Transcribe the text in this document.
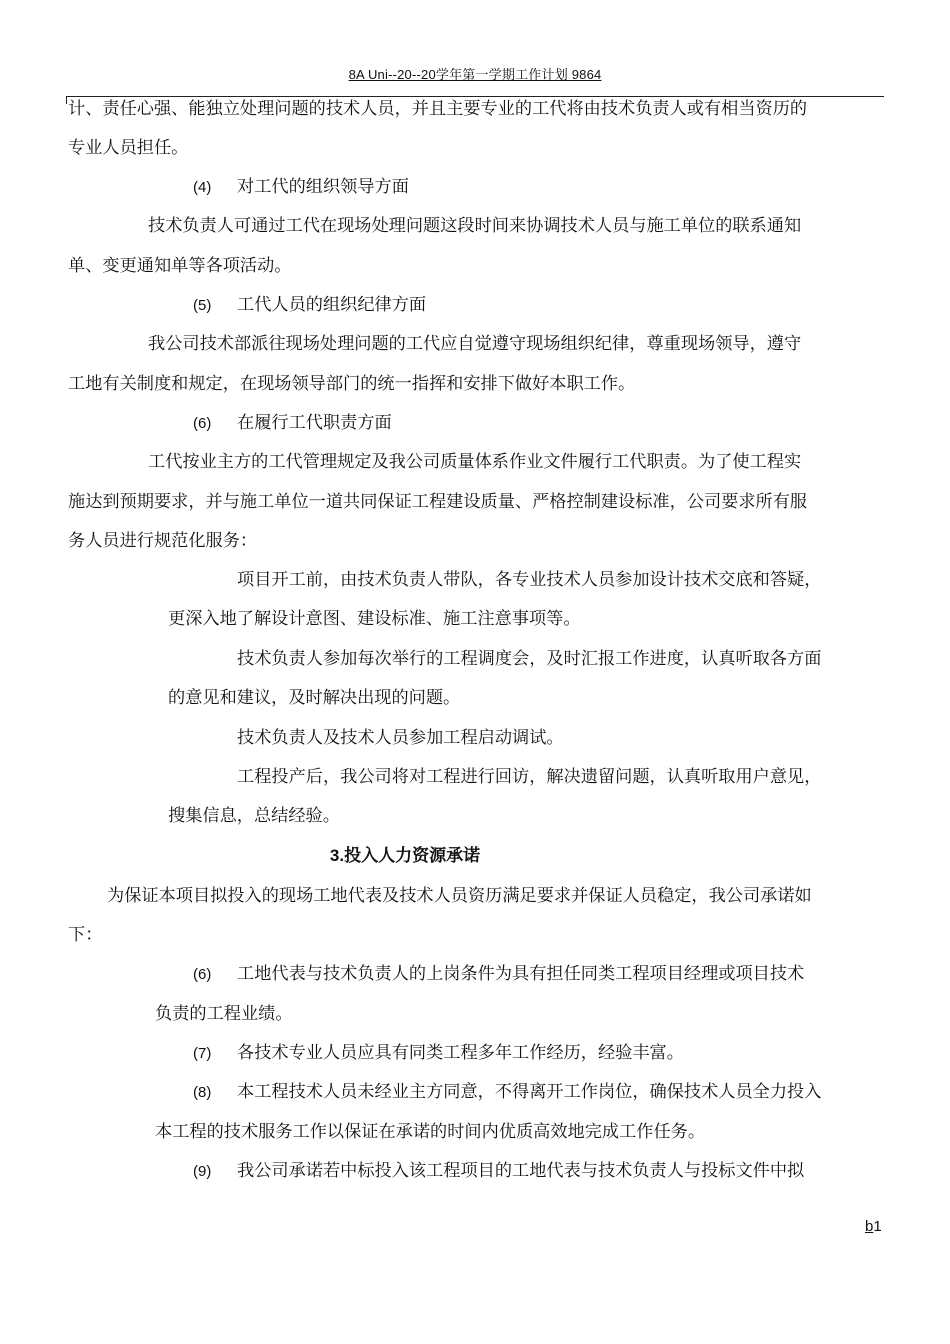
8A Uni--20--20学年第一学期工作计划 9864
计、责任心强、能独立处理问题的技术人员，并且主要专业的工代将由技术负责人或有相当资历的
专业人员担任。
(4) 对工代的组织领导方面
技术负责人可通过工代在现场处理问题这段时间来协调技术人员与施工单位的联系通知
单、变更通知单等各项活动。
(5) 工代人员的组织纪律方面
我公司技术部派往现场处理问题的工代应自觉遵守现场组织纪律，尊重现场领导，遵守
工地有关制度和规定，在现场领导部门的统一指挥和安排下做好本职工作。
(6) 在履行工代职责方面
工代按业主方的工代管理规定及我公司质量体系作业文件履行工代职责。为了使工程实
施达到预期要求，并与施工单位一道共同保证工程建设质量、严格控制建设标准，公司要求所有服
务人员进行规范化服务：
项目开工前，由技术负责人带队，各专业技术人员参加设计技术交底和答疑，
更深入地了解设计意图、建设标准、施工注意事项等。
技术负责人参加每次举行的工程调度会，及时汇报工作进度，认真听取各方面
的意见和建议，及时解决出现的问题。
技术负责人及技术人员参加工程启动调试。
工程投产后，我公司将对工程进行回访，解决遗留问题，认真听取用户意见，
搜集信息，总结经验。
3.投入人力资源承诺
为保证本项目拟投入的现场工地代表及技术人员资历满足要求并保证人员稳定，我公司承诺如
下：
(6) 工地代表与技术负责人的上岗条件为具有担任同类工程项目经理或项目技术
负责的工程业绩。
(7) 各技术专业人员应具有同类工程多年工作经历，经验丰富。
(8) 本工程技术人员未经业主方同意，不得离开工作岗位，确保技术人员全力投入
本工程的技术服务工作以保证在承诺的时间内优质高效地完成工作任务。
(9) 我公司承诺若中标投入该工程项目的工地代表与技术负责人与投标文件中拟
b1
